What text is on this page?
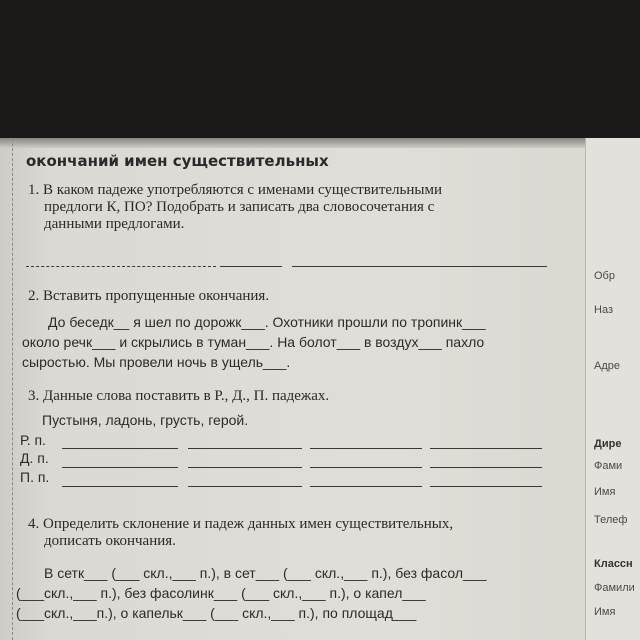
окончаний имен существительных
1. В каком падеже употребляются с именами существительными
предлоги К, ПО? Подобрать и записать два словосочетания с
данными предлогами.
2. Вставить пропущенные окончания.
До беседк__ я шел по дорожк___. Охотники прошли по тропинк___
около речк___ и скрылись в туман___. На болот___ в воздух___ пахло
сыростью. Мы провели ночь в ущель___.
3. Данные слова поставить в Р., Д., П. падежах.
Пустыня, ладонь, грусть, герой.
Р. п.
Д. п.
П. п.
4. Определить склонение и падеж данных имен существительных,
дописать окончания.
В сетк___ (___ скл.,___ п.), в сет___ (___ скл.,___ п.), без фасол___
(___скл.,___ п.), без фасолинк___ (___ скл.,___ п.), о капел___
(___скл.,___п.), о капельк___ (___ скл.,___ п.), по площад___
Обр
Наз
Адре
Дире
Фами
Имя
Телеф
Классн
Фамили
Имя
